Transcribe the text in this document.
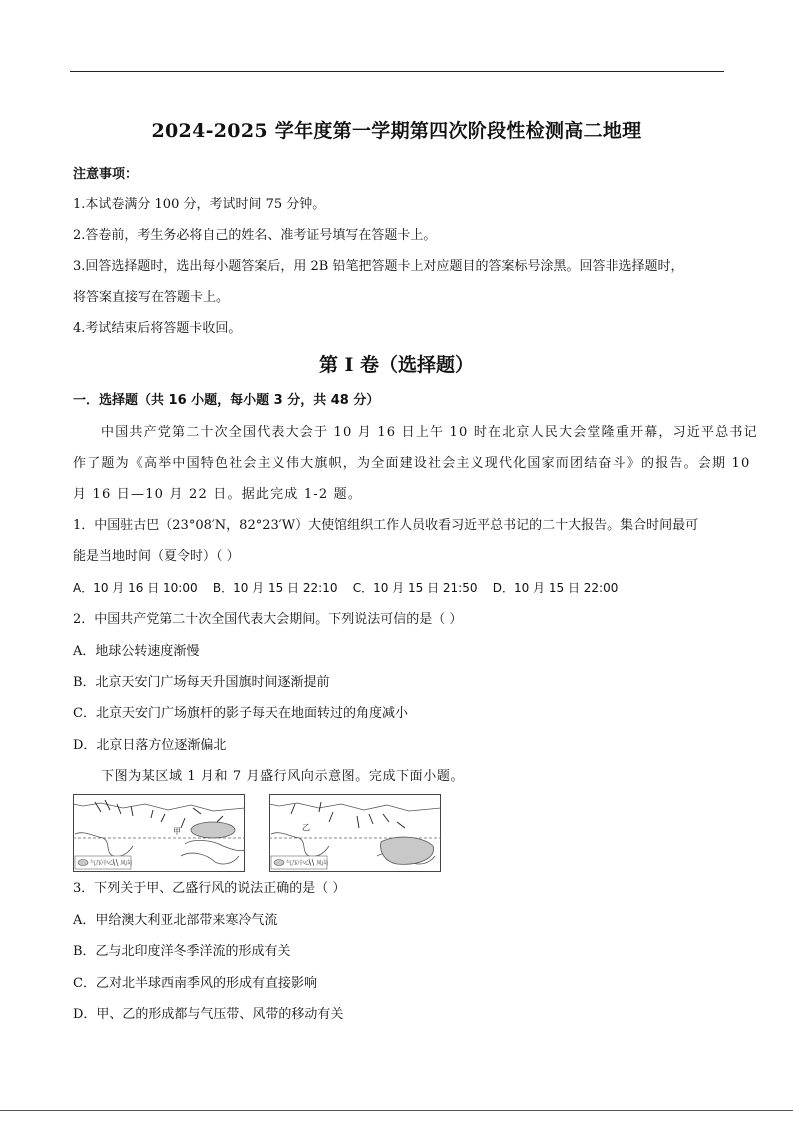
2024-2025 学年度第一学期第四次阶段性检测高二地理
注意事项：
1.本试卷满分 100 分，考试时间 75 分钟。
2.答卷前，考生务必将自己的姓名、准考证号填写在答题卡上。
3.回答选择题时，选出每小题答案后，用 2B 铅笔把答题卡上对应题目的答案标号涂黑。回答非选择题时，
将答案直接写在答题卡上。
4.考试结束后将答题卡收回。
第 I 卷（选择题）
一．选择题（共 16 小题，每小题 3 分，共 48 分）
中国共产党第二十次全国代表大会于 10 月 16 日上午 10 时在北京人民大会堂隆重开幕，习近平总书记
作了题为《高举中国特色社会主义伟大旗帜，为全面建设社会主义现代化国家而团结奋斗》的报告。会期 10
月 16 日—10 月 22 日。据此完成 1-2 题。
1．中国驻古巴（23°08′N，82°23′W）大使馆组织工作人员收看习近平总书记的二十大报告。集合时间最可
能是当地时间（夏令时）（ ）
A．10 月 16 日 10:00    B．10 月 15 日 22:10    C．10 月 15 日 21:50    D．10 月 15 日 22:00
2．中国共产党第二十次全国代表大会期间。下列说法可信的是（ ）
A．地球公转速度渐慢
B．北京天安门广场每天升国旗时间逐渐提前
C．北京天安门广场旗杆的影子每天在地面转过的角度减小
D．北京日落方位逐渐偏北
下图为某区域 1 月和 7 月盛行风向示意图。完成下面小题。
甲
气压中心 风向
乙
气压中心 风向
3．下列关于甲、乙盛行风的说法正确的是（ ）
A．甲给澳大利亚北部带来寒冷气流
B．乙与北印度洋冬季洋流的形成有关
C．乙对北半球西南季风的形成有直接影响
D．甲、乙的形成都与气压带、风带的移动有关
